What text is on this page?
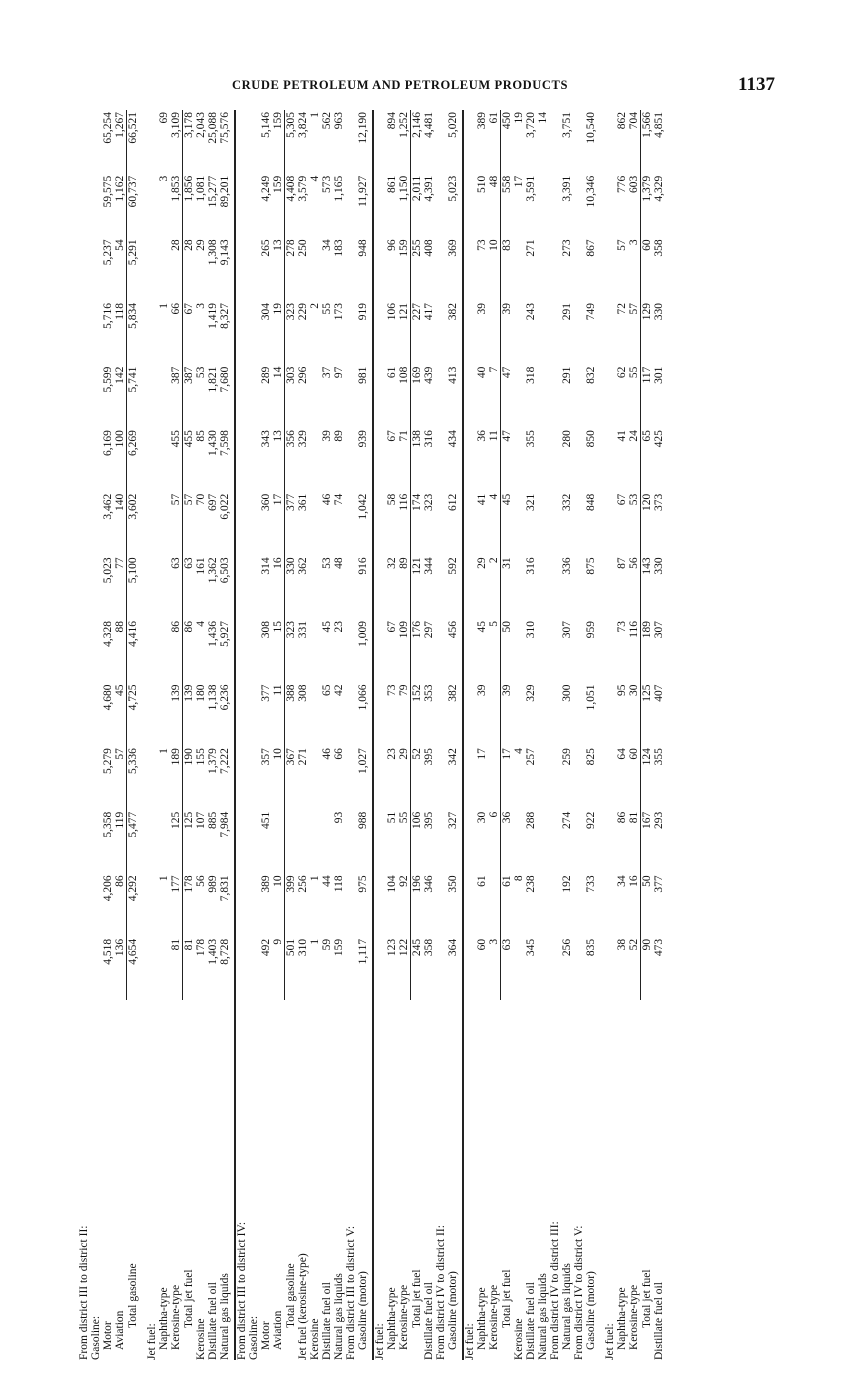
CRUDE PETROLEUM AND PETROLEUM PRODUCTS	1137
From district III to district II:														
Gasoline:														
Motor	4,518	4,206	5,358	5,279	4,680	4,328	5,023	3,462	6,169	5,599	5,716	5,237	59,575	65,254
Aviation	136	86	119	57	45	88	77	140	100	142	118	54	1,162	1,267
Total gasoline	4,654	4,292	5,477	5,336	4,725	4,416	5,100	3,602	6,269	5,741	5,834	5,291	60,737	66,521

Jet fuel:														
Naphtha-type		1		1							1		3	69
Kerosine-type	81	177	125	189	139	86	63	57	455	387	66	28	1,853	3,109
Total jet fuel	81	178	125	190	139	86	63	57	455	387	67	28	1,856	3,178
Kerosine	178	56	107	155	180	4	161	70	85	53	3	29	1,081	2,043
Distillate fuel oil	1,403	989	885	1,379	1,138	1,436	1,362	697	1,430	1,821	1,419	1,308	15,277	25,088
Natural gas liquids	8,728	7,831	7,984	7,222	6,236	5,927	6,503	6,022	7,598	7,680	8,327	9,143	89,201	75,576

From district III to district IV:														
Gasoline:														
Motor	492	389	451	357	377	308	314	360	343	289	304	265	4,249	5,146
Aviation	9	10		10	11	15	16	17	13	14	19	13	159	159
Total gasoline	501	399		367	388	323	330	377	356	303	323	278	4,408	5,305
Jet fuel (kerosine-type)	310	256		271	308	331	362	361	329	296	229	250	3,579	3,824
Kerosine	1	1									2		4	1
Distillate fuel oil	59	44		46	65	45	53	46	39	37	55	34	573	562
Natural gas liquids	159	118	93	66	42	23	48	74	89	97	173	183	1,165	963
From district III to district V:														
Gasoline (motor)	1,117	975	988	1,027	1,066	1,009	916	1,042	939	981	919	948	11,927	12,190

Jet fuel:														
Naphtha-type	123	104	51	23	73	67	32	58	67	61	106	96	861	894
Kerosine-type	122	92	55	29	79	109	89	116	71	108	121	159	1,150	1,252
Total jet fuel	245	196	106	52	152	176	121	174	138	169	227	255	2,011	2,146
Distillate fuel oil	358	346	395	395	353	297	344	323	316	439	417	408	4,391	4,481
From district IV to district II:														
Gasoline (motor)	364	350	327	342	382	456	592	612	434	413	382	369	5,023	5,020

Jet fuel:														
Naphtha-type	60	61	30	17	39	45	29	41	36	40	39	73	510	389
Kerosine-type	3		6			5	2	4	11	7		10	48	61
Total jet fuel	63	61	36	17	39	50	31	45	47	47	39	83	558	450
Kerosine		8		4									17	19
Distillate fuel oil	345	238	288	257	329	310	316	321	355	318	243	271	3,591	3,720
Natural gas liquids														14
From district IV to district III:														
Natural gas liquids	256	192	274	259	300	307	336	332	280	291	291	273	3,391	3,751
From district IV to district V:														
Gasoline (motor)	835	733	922	825	1,051	959	875	848	850	832	749	867	10,346	10,540

Jet fuel:														
Naphtha-type	38	34	86	64	95	73	87	67	41	62	72	57	776	862
Kerosine-type	52	16	81	60	30	116	56	53	24	55	57	3	603	704
Total jet fuel	90	50	167	124	125	189	143	120	65	117	129	60	1,379	1,566
Distillate fuel oil	473	377	293	355	407	307	330	373	425	301	330	358	4,329	4,851
